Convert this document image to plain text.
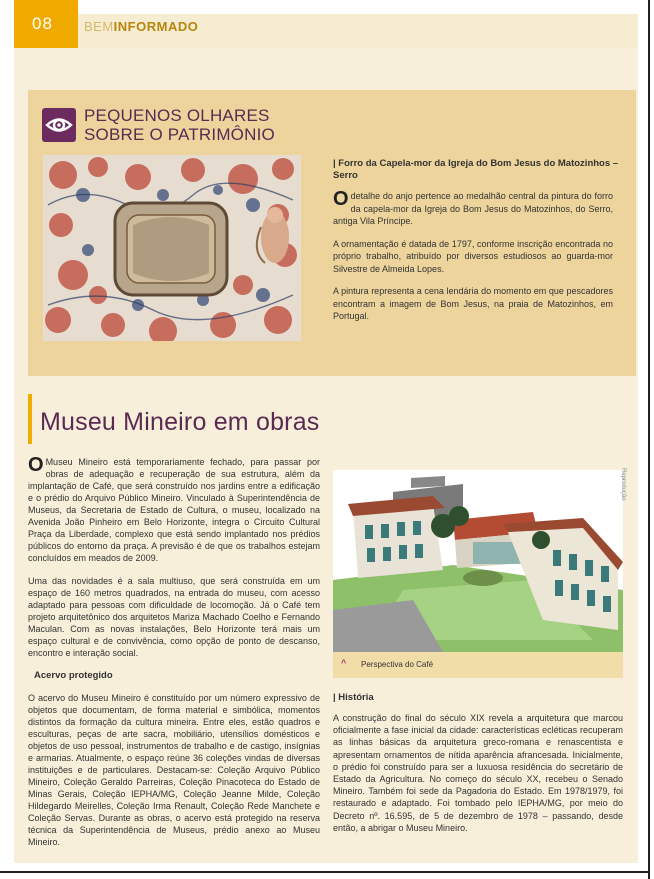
08	BEMINFORMADO
PEQUENOS OLHARES
SOBRE O PATRIMÔNIO
| Forro da Capela-mor da Igreja do Bom Jesus do Matozinhos – Serro

Odetalhe do anjo pertence ao medalhão central da pintura do forro da capela-mor da Igreja do Bom Jesus do Matozinhos, do Serro, antiga Vila Príncipe.

A ornamentação é datada de 1797, conforme inscrição encontrada no próprio trabalho, atribuído por diversos estudiosos ao guarda-mor Silvestre de Almeida Lopes.

A pintura representa a cena lendária do momento em que pescadores encontram a imagem de Bom Jesus, na praia de Matozinhos, em Portugal.

Museu Mineiro em obras

O Museu Mineiro está temporariamente fechado, para passar por obras de adequação e recuperação de sua estrutura, além da implantação de Café, que será construído nos jardins entre a edificação e o prédio do Arquivo Público Mineiro. Vinculado à Superintendência de Museus, da Secretaria de Estado de Cultura, o museu, localizado na Avenida João Pinheiro em Belo Horizonte, integra o Circuito Cultural Praça da Liberdade, complexo que está sendo implantado nos prédios públicos do entorno da praça. A previsão é de que os trabalhos estejam concluídos em meados de 2009.

Uma das novidades é a sala multiuso, que será construída em um espaço de 160 metros quadrados, na entrada do museu, com acesso adaptado para pessoas com dificuldade de locomoção. Já o Café tem projeto arquitetônico dos arquitetos Mariza Machado Coelho e Fernando Maculan. Com as novas instalações, Belo Horizonte terá mais um espaço cultural e de convivência, como opção de ponto de descanso, encontro e interação social.

Acervo protegido

O acervo do Museu Mineiro é constituído por um número expressivo de objetos que documentam, de forma material e simbólica, momentos distintos da formação da cultura mineira. Entre eles, estão quadros e esculturas, peças de arte sacra, mobiliário, utensílios domésticos e objetos de uso pessoal, instrumentos de trabalho e de castigo, insígnias e armarias. Atualmente, o espaço reúne 36 coleções vindas de diversas instituições e de particulares. Destacam-se: Coleção Arquivo Público Mineiro, Coleção Geraldo Parreiras, Coleção Pinacoteca do Estado de Minas Gerais, Coleção IEPHA/MG, Coleção Jeanne Milde, Coleção Hildegardo Meirelles, Coleção Irma Renault, Coleção Rede Manchete e Coleção Servas. Durante as obras, o acervo está protegido na reserva técnica da Superintendência de Museus, prédio anexo ao Museu Mineiro.

Reprodução
^ Perspectiva do Café
| História
A construção do final do século XIX revela a arquitetura que marcou oficialmente a fase inicial da cidade: características ecléticas recuperam as linhas básicas da arquitetura greco-romana e renascentista e apresentam ornamentos de nítida aparência afrancesada. Inicialmente, o prédio foi construído para ser a luxuosa residência do secretário de Estado da Agricultura. No começo do século XX, recebeu o Senado Mineiro. Também foi sede da Pagadoria do Estado. Em 1978/1979, foi restaurado e adaptado. Foi tombado pelo IEPHA/MG, por meio do Decreto nº. 16.595, de 5 de dezembro de 1978 – passando, desde então, a abrigar o Museu Mineiro.
